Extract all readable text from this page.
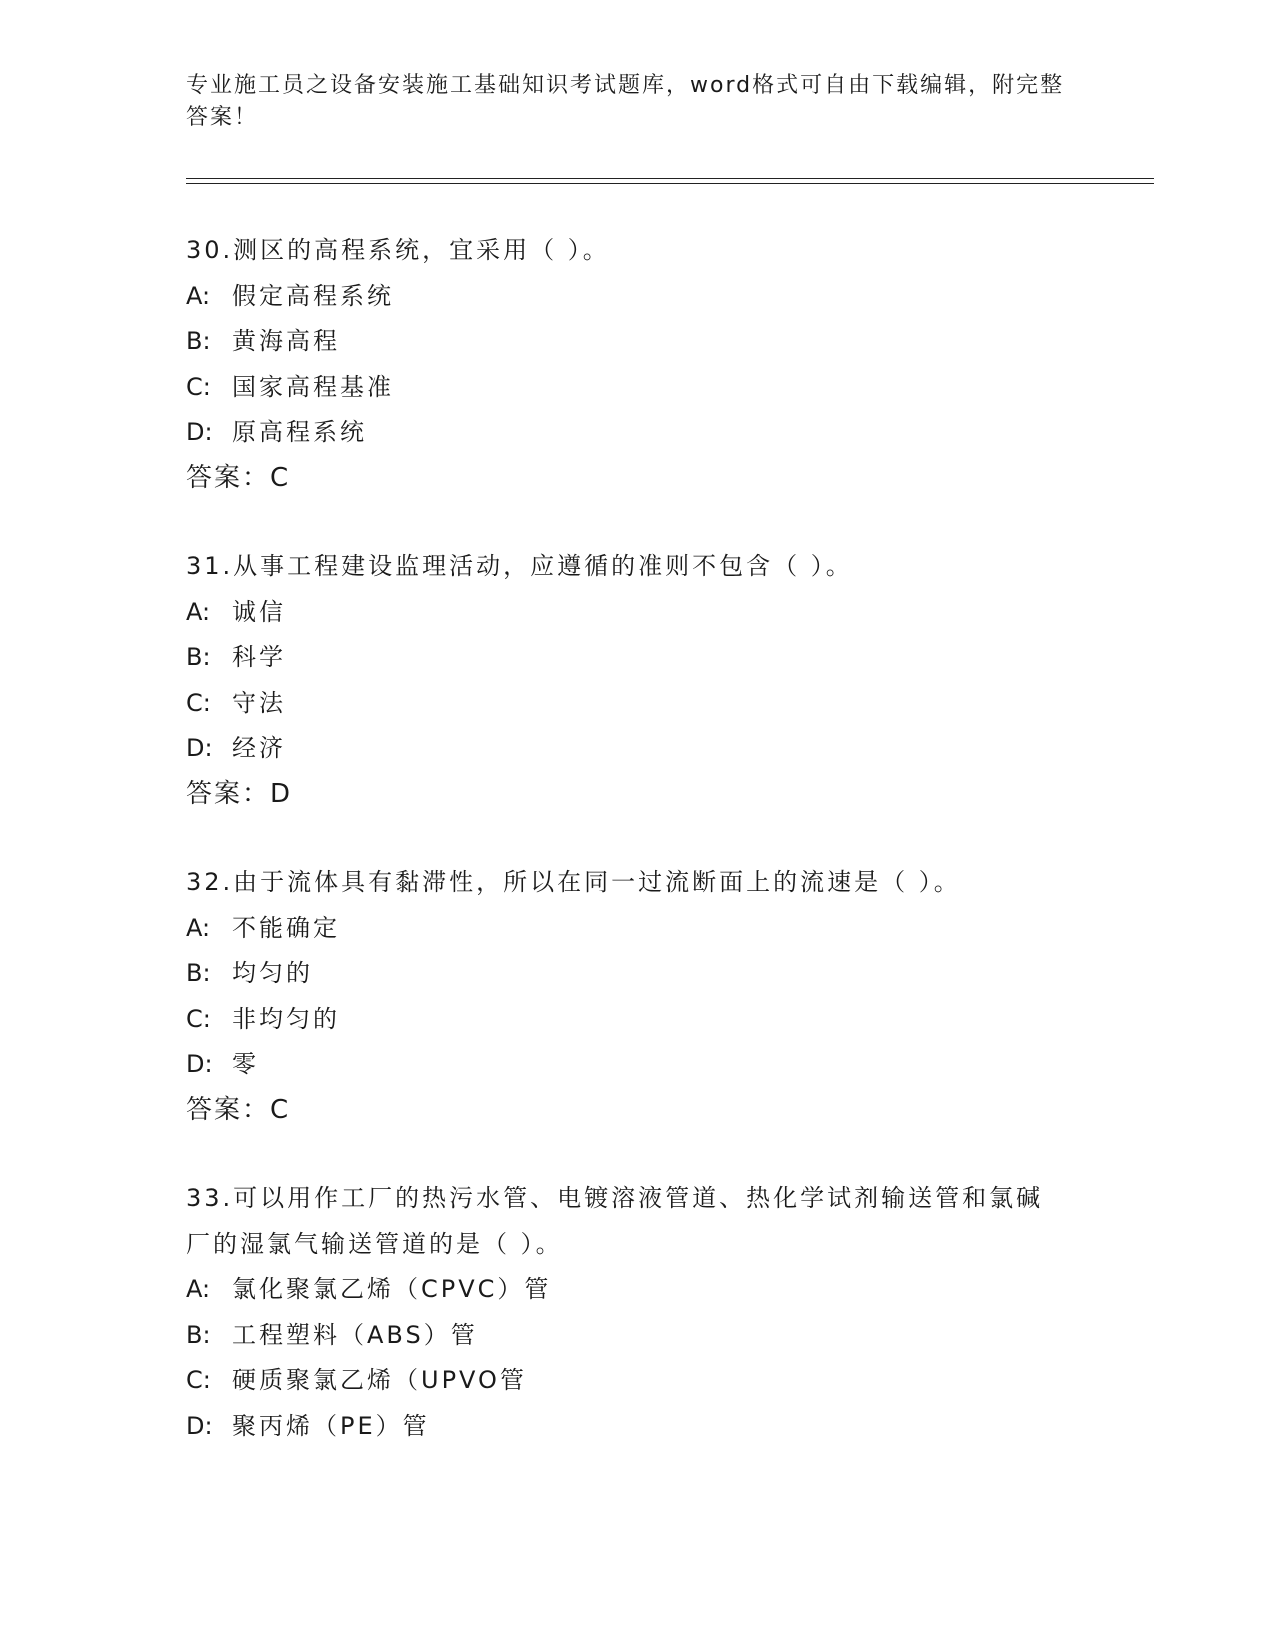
专业施工员之设备安装施工基础知识考试题库，word格式可自由下载编辑，附完整答案！
30.测区的高程系统，宜采用（ ）。
A: 假定高程系统
B: 黄海高程
C: 国家高程基准
D: 原高程系统
答案：C
31.从事工程建设监理活动，应遵循的准则不包含（ ）。
A: 诚信
B: 科学
C: 守法
D: 经济
答案：D
32.由于流体具有黏滞性，所以在同一过流断面上的流速是（ ）。
A: 不能确定
B: 均匀的
C: 非均匀的
D: 零
答案：C
33.可以用作工厂的热污水管、电镀溶液管道、热化学试剂输送管和氯碱厂的湿氯气输送管道的是（ ）。
A: 氯化聚氯乙烯（CPVC）管
B: 工程塑料（ABS）管
C: 硬质聚氯乙烯（UPVO管
D: 聚丙烯（PE）管
